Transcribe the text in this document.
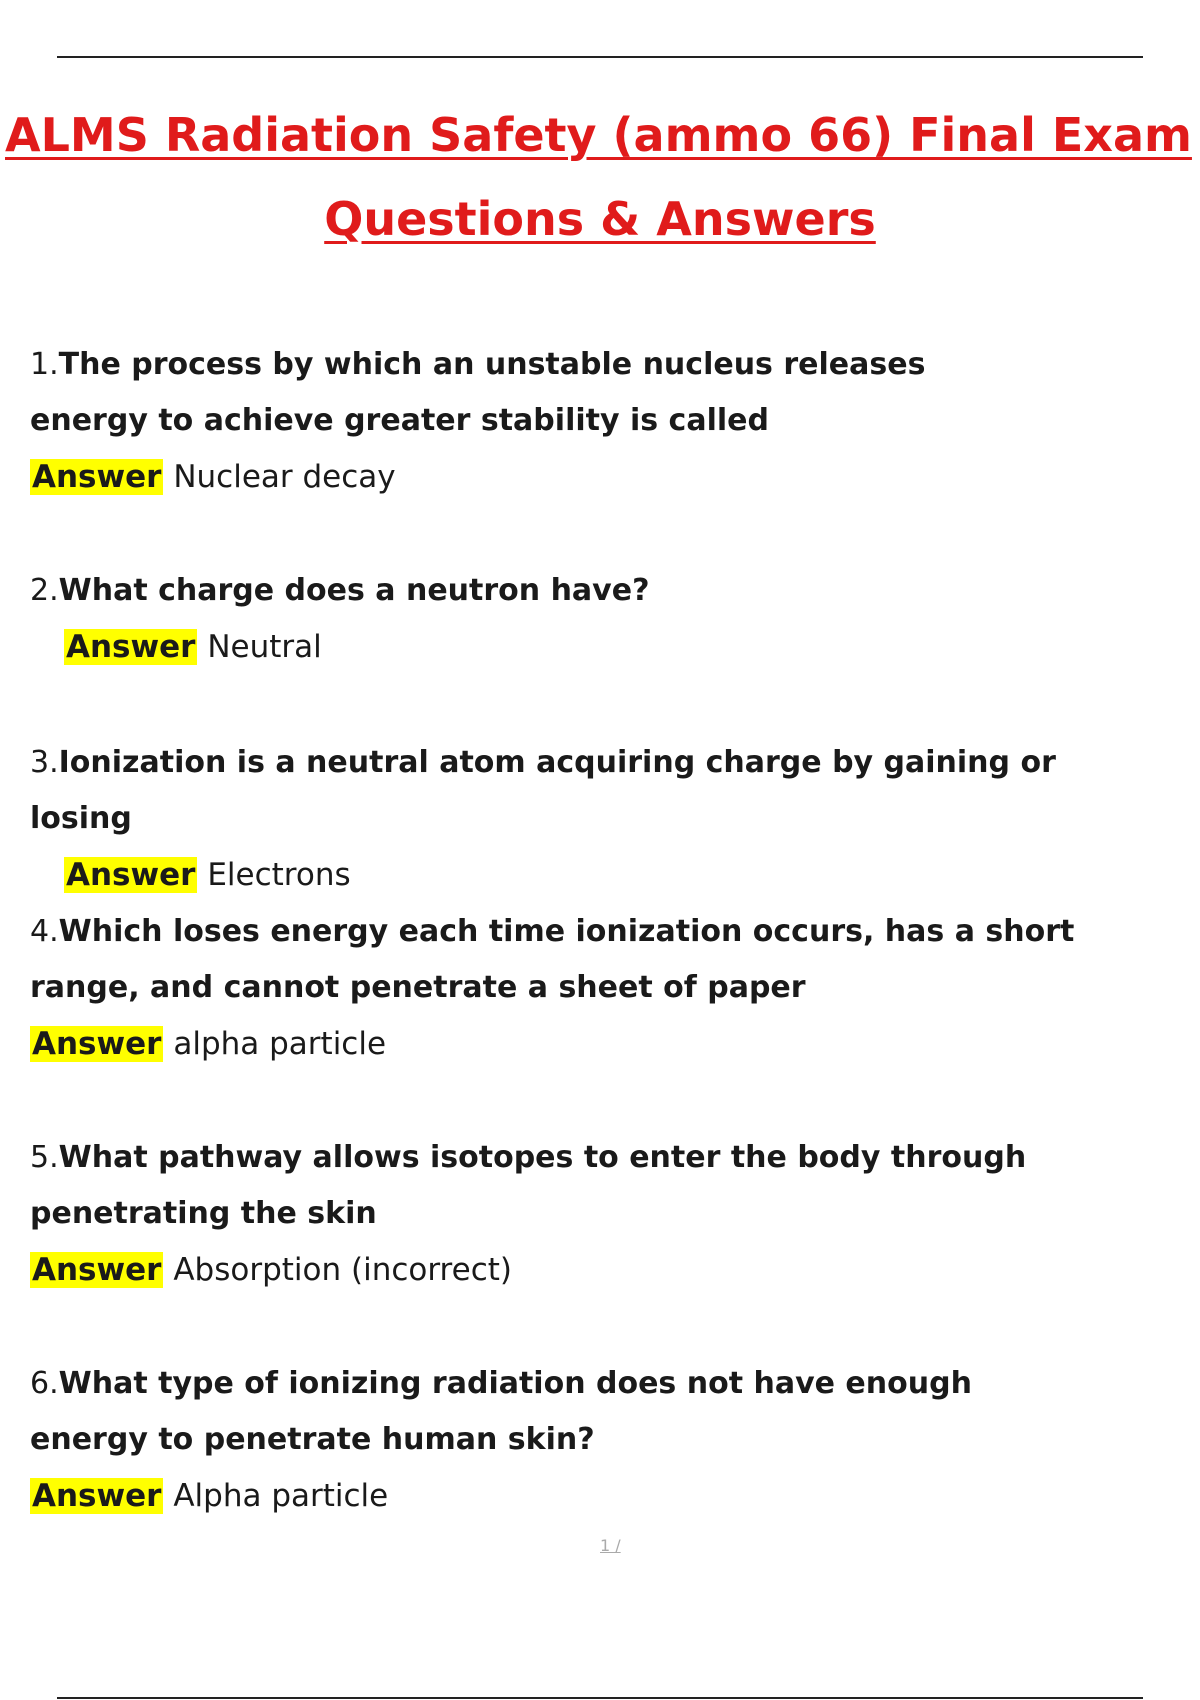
ALMS Radiation Safety (ammo 66) Final Exam
Questions & Answers

1.The process by which an unstable nucleus releases energy to achieve greater stability is called

Answer Nuclear decay

2.What charge does a neutron have?

Answer Neutral

3.Ionization is a neutral atom acquiring charge by gaining or losing

Answer Electrons

4.Which loses energy each time ionization occurs, has a short range, and cannot penetrate a sheet of paper

Answer alpha particle

5.What pathway allows isotopes to enter the body through penetrating the skin

Answer Absorption (incorrect)

6.What type of ionizing radiation does not have enough energy to penetrate human skin?

Answer Alpha particle

1 /
